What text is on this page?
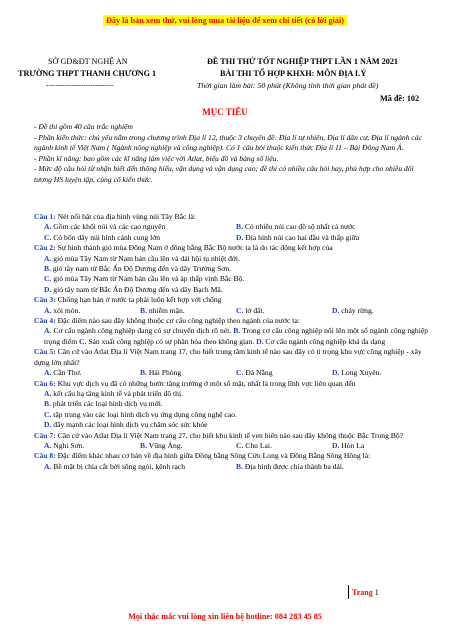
Đây là bản xem thử, vui lòng mua tài liệu để xem chi tiết (có lời giải)
SỞ GD&ĐT NGHỆ AN
TRƯỜNG THPT THANH CHƯƠNG 1
-----------------------------
ĐỀ THI THỬ TỐT NGHIỆP THPT LẦN 1 NĂM 2021
BÀI THI TỔ HỢP KHXH: MÔN ĐỊA LÝ
Thời gian làm bài: 50 phút (Không tính thời gian phát đề)
Mã đề: 102
MỤC TIÊU
- Đề thi gồm 40 câu trắc nghiệm
- Phần kiến thức: chủ yếu nằm trong chương trình Địa lí 12, thuộc 3 chuyên đề: Địa lí tự nhiên, Địa lí dân cư, Địa lí ngành các ngành kinh tế Việt Nam ( Ngành nông nghiệp và công nghiệp). Có 1 câu hỏi thuộc kiến thức Địa lí 11 – Bài Đông Nam Á.
- Phần kĩ năng: bao gồm các kĩ năng làm việc với Atlat, biểu đồ và bảng số liệu.
- Mức độ câu hỏi từ nhận biết đến thông hiểu, vận dụng và vận dụng cao; đề thi có nhiều câu hỏi hay, phù hợp cho nhiều đối tượng HS luyện tập, củng cố kiến thức.
Câu 1: Nét nổi bật của địa hình vùng núi Tây Bắc là:
A. Gồm các khối núi và các cao nguyên	B. Có nhiều núi cao đồ sộ nhất cả nước
C. Có bốn dãy núi hình cánh cung lớn	D. Địa hình núi cao hai đầu và thấp giữa
Câu 2: Sự hình thành gió mùa Đông Nam ở đồng bằng Bắc Bộ nước ta là do tác động kết hợp của
A. gió mùa Tây Nam từ Nam bán cầu lên và dải hội tụ nhiệt đới.
B. gió tây nam từ Bắc Ấn Độ Dương đến và dãy Trường Sơn.
C. gió mùa Tây Nam từ Nam bán cầu lên và áp thấp vịnh Bắc Bộ.
D. gió tây nam từ Bắc Ấn Độ Dương đến và dãy Bạch Mã.
Câu 3: Chống hạn hán ở nước ta phải luôn kết hợp với chống
A. xói mòn.	B. nhiễm mặn.	C. lở đất.	D. cháy rừng.
Câu 4: Đặc điểm nào sau đây không thuộc cơ cấu công nghiệp theo ngành của nước ta:
A. Cơ cấu ngành công nghiệp đang có sự chuyển dịch rõ nét. B. Trong cơ cấu công nghiệp nổi lên một số ngành công nghiệp trọng điểm C. Sản xuất công nghiệp có sự phân hóa theo không gian. D. Cơ cấu ngành công nghiệp khá đa dạng
Câu 5: Căn cứ vào Atlat Địa lí Việt Nam trang 17, cho biết trung tâm kinh tế nào sau đây có tỉ trọng khu vực công nghiệp - xây dựng lớn nhất?
A. Cần Thơ.	B. Hải Phòng	C. Đà Nẵng	D. Long Xuyên.
Câu 6: Khu vực dịch vụ đã có những bước tăng trưởng ở một số mặt, nhất là trong lĩnh vực liên quan đến
A. kết cấu hạ tầng kinh tế và phát triển đô thị.
B. phát triển các loại hình dịch vụ mới.
C. tập trung vào các loại hình dịch vụ ứng dụng công nghệ cao.
D. đẩy mạnh các loại hình dịch vụ chăm sóc sức khỏe
Câu 7: Căn cứ vào Atlat Địa lí Việt Nam trang 27, cho biết khu kinh tế ven biển nào sau đây không thuộc Bắc Trung Bộ?
A. Nghi Sơn.	B. Vũng Áng.	C. Chu Lai.	D. Hòn La
Câu 8: Đặc điểm khác nhau cơ bản về địa hình giữa Đồng bằng Sông Cửu Long và Đồng Bằng Sông Hồng là:
A. Bề mặt bị chia cắt bởi sông ngòi, kênh rạch	B. Địa hình được chia thành ba dải.
Trang 1
Mọi thắc mắc vui lòng xin liên hệ hotline: 084 283 45 85
